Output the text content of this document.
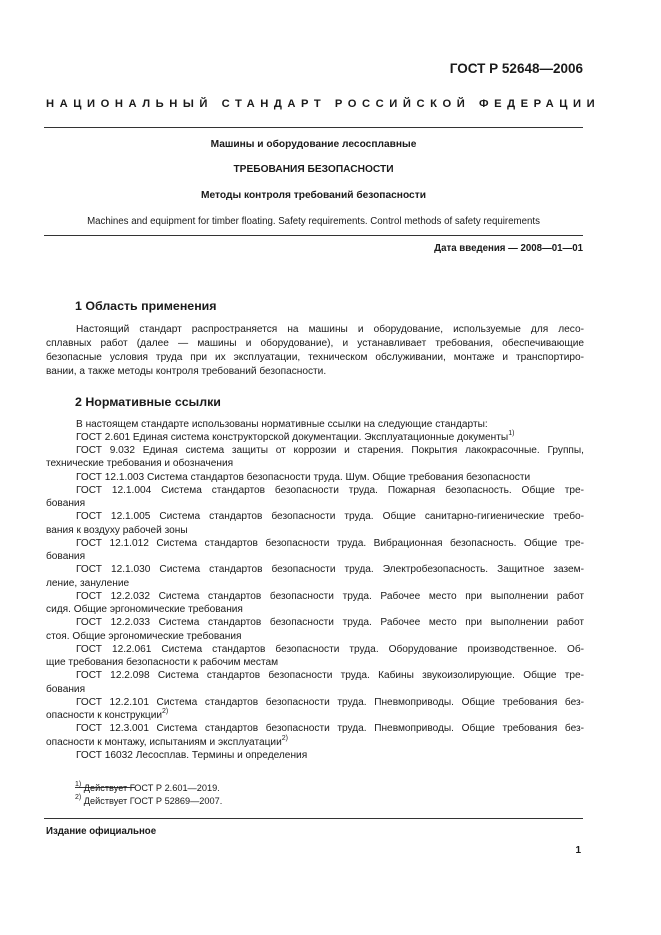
ГОСТ Р 52648—2006
НАЦИОНАЛЬНЫЙ СТАНДАРТ РОССИЙСКОЙ ФЕДЕРАЦИИ
Машины и оборудование лесосплавные
ТРЕБОВАНИЯ БЕЗОПАСНОСТИ
Методы контроля требований безопасности
Machines and equipment for timber floating. Safety requirements. Control methods of safety requirements
Дата введения — 2008—01—01
1 Область применения
Настоящий стандарт распространяется на машины и оборудование, используемые для лесо-
сплавных работ (далее — машины и оборудование), и устанавливает требования, обеспечивающие
безопасные условия труда при их эксплуатации, техническом обслуживании, монтаже и транспортиро-
вании, а также методы контроля требований безопасности.
2 Нормативные ссылки
В настоящем стандарте использованы нормативные ссылки на следующие стандарты:
ГОСТ 2.601 Единая система конструкторской документации. Эксплуатационные документы$^{1)}$
ГОСТ 9.032 Единая система защиты от коррозии и старения. Покрытия лакокрасочные. Группы,
технические требования и обозначения
ГОСТ 12.1.003 Система стандартов безопасности труда. Шум. Общие требования безопасности
ГОСТ 12.1.004 Система стандартов безопасности труда. Пожарная безопасность. Общие тре-
бования
ГОСТ 12.1.005 Система стандартов безопасности труда. Общие санитарно-гигиенические требо-
вания к воздуху рабочей зоны
ГОСТ 12.1.012 Система стандартов безопасности труда. Вибрационная безопасность. Общие тре-
бования
ГОСТ 12.1.030 Система стандартов безопасности труда. Электробезопасность. Защитное зазем-
ление, зануление
ГОСТ 12.2.032 Система стандартов безопасности труда. Рабочее место при выполнении работ
сидя. Общие эргономические требования
ГОСТ 12.2.033 Система стандартов безопасности труда. Рабочее место при выполнении работ
стоя. Общие эргономические требования
ГОСТ 12.2.061 Система стандартов безопасности труда. Оборудование производственное. Об-
щие требования безопасности к рабочим местам
ГОСТ 12.2.098 Система стандартов безопасности труда. Кабины звукоизолирующие. Общие тре-
бования
ГОСТ 12.2.101 Система стандартов безопасности труда. Пневмоприводы. Общие требования без-
опасности к конструкции$^{2)}$
ГОСТ 12.3.001 Система стандартов безопасности труда. Пневмоприводы. Общие требования без-
опасности к монтажу, испытаниям и эксплуатации$^{2)}$
ГОСТ 16032 Лесосплав. Термины и определения
$^{1)}$ Действует ГОСТ Р 2.601—2019.
$^{2)}$ Действует ГОСТ Р 52869—2007.
Издание официальное
1
